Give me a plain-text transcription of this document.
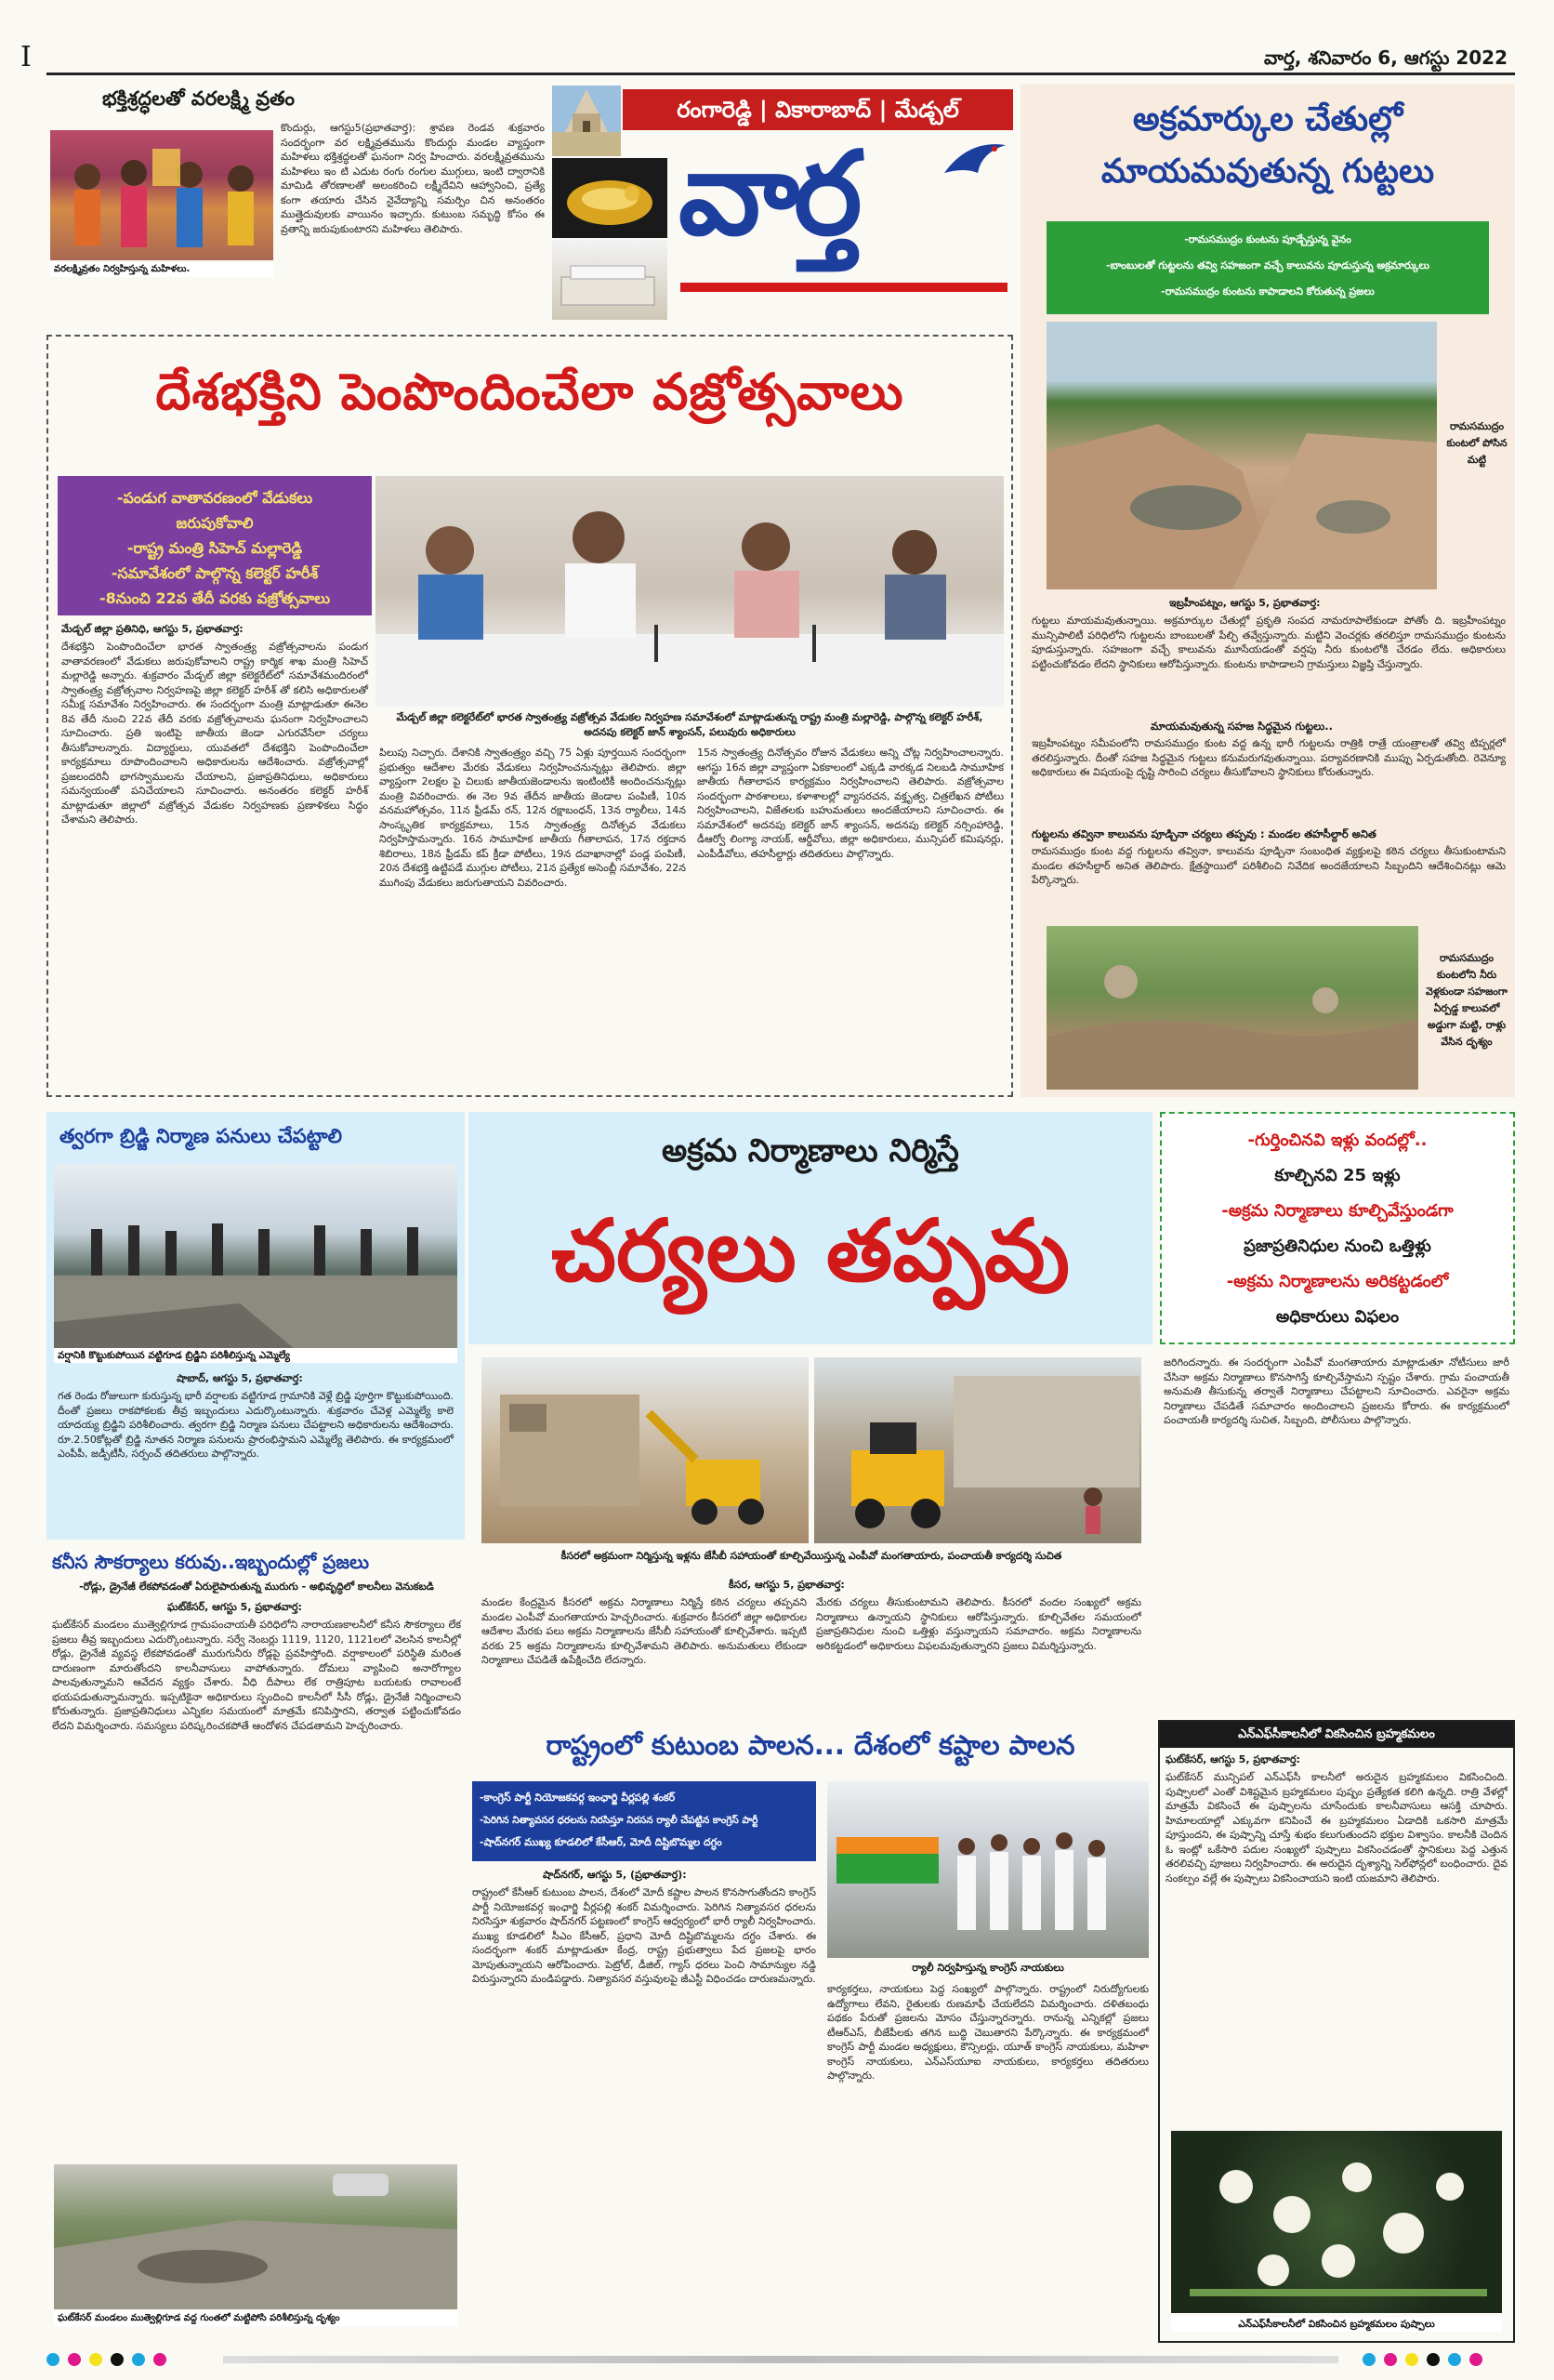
I	వార్త, శనివారం 6, ఆగస్టు 2022
భక్తిశ్రద్ధలతో వరలక్ష్మి వ్రతం
వరలక్ష్మివ్రతం నిర్వహిస్తున్న మహిళలు.
కొందుర్గు, ఆగస్టు5(ప్రభాతవార్త): శ్రావణ రెండవ శుక్రవారం సందర్భంగా వర లక్ష్మివ్రతమును కొందుర్గు మండల వ్యాప్తంగా మహిళలు భక్తిశ్రద్ధలతో ఘనంగా నిర్వ హించారు. వరలక్ష్మీవ్రతమును మహిళలు ఇం టి ఎదుట రంగు రంగుల ముగ్గులు, ఇంటి ద్వారానికి మామిడి తోరణాలతో అలంకరించి లక్ష్మీదేవిని ఆహ్వానించి, ప్రత్యే కంగా తయారు చేసిన నైవేద్యాన్ని సమర్పిం చిన అనంతరం ముత్తైదువులకు వాయినం ఇచ్చారు. కుటుంబ సమృద్ధి కోసం ఈ వ్రతాన్ని జరుపుకుంటారని మహిళలు తెలిపారు.
రంగారెడ్డి | వికారాబాద్ | మేడ్చల్
వార్త
అక్రమార్కుల చేతుల్లో
మాయమవుతున్న గుట్టలు
-రామసముద్రం కుంటను పూడ్చేస్తున్న వైనం
-బాంబులతో గుట్టలను తవ్వి సహజంగా వచ్చే కాలువను పూడుస్తున్న అక్రమార్కులు
-రామసముద్రం కుంటను కాపాడాలని కోరుతున్న ప్రజలు
రామసముద్రం కుంటలో పోసిన మట్టి
ఇబ్రహీంపట్నం, ఆగస్టు 5, ప్రభాతవార్త:
గుట్టలు మాయమవుతున్నాయి. అక్రమార్కుల చేతుల్లో ప్రకృతి సంపద నామరూపాలేకుండా పోతోం ది. ఇబ్రహీంపట్నం మున్సిపాలిటీ పరిధిలోని గుట్టలను బాంబులతో పేల్చి తవ్వేస్తున్నారు. మట్టిని వెంచర్లకు తరలిస్తూ రామసముద్రం కుంటను పూడుస్తున్నారు. సహజంగా వచ్చే కాలువను మూసేయడంతో వర్షపు నీరు కుంటలోకి చేరడం లేదు. అధికారులు పట్టించుకోవడం లేదని స్థానికులు ఆరోపిస్తున్నారు. కుంటను కాపాడాలని గ్రామస్తులు విజ్ఞప్తి చేస్తున్నారు.
మాయమవుతున్న సహజ సిద్ధమైన గుట్టలు..
ఇబ్రహీంపట్నం సమీపంలోని రామసముద్రం కుంట వద్ద ఉన్న భారీ గుట్టలను రాత్రికి రాత్రే యంత్రాలతో తవ్వి టిప్పర్లలో తరలిస్తున్నారు. దీంతో సహజ సిద్ధమైన గుట్టలు కనుమరుగవుతున్నాయి. పర్యావరణానికి ముప్పు ఏర్పడుతోంది. రెవెన్యూ అధికారులు ఈ విషయంపై దృష్టి సారించి చర్యలు తీసుకోవాలని స్థానికులు కోరుతున్నారు.
గుట్టలను తవ్వినా కాలువను పూడ్చినా చర్యలు తప్పవు : మండల తహసీల్దార్ అనిత
రామసముద్రం కుంట వద్ద గుట్టలను తవ్వినా, కాలువను పూడ్చినా సంబంధిత వ్యక్తులపై కఠిన చర్యలు తీసుకుంటామని మండల తహసీల్దార్ అనిత తెలిపారు. క్షేత్రస్థాయిలో పరిశీలించి నివేదిక అందజేయాలని సిబ్బందిని ఆదేశించినట్లు ఆమె పేర్కొన్నారు.
రామసముద్రం కుంటలోని నీరు వెళ్లకుండా సహజంగా ఏర్పడ్డ కాలువలో అడ్డుగా మట్టి, రాళ్లు వేసిన దృశ్యం
దేశభక్తిని పెంపొందించేలా వజ్రోత్సవాలు
-పండుగ వాతావరణంలో వేడుకలు
జరుపుకోవాలి
-రాష్ట్ర మంత్రి సిహెచ్ మల్లారెడ్డి
-సమావేశంలో పాల్గొన్న కలెక్టర్ హరీశ్
-8నుంచి 22వ తేదీ వరకు వజ్రోత్సవాలు
మేడ్చల్ జిల్లా కలెక్టరేట్‌లో భారత స్వాతంత్ర్య వజ్రోత్సవ వేడుకల నిర్వహణ సమావేశంలో మాట్లాడుతున్న రాష్ట్ర మంత్రి మల్లారెడ్డి, పాల్గొన్న కలెక్టర్ హరీశ్, అదనపు కలెక్టర్ జాన్ శ్యాంసన్, పలువురు అధికారులు
మేడ్చల్ జిల్లా ప్రతినిధి, ఆగస్టు 5, ప్రభాతవార్త:
దేశభక్తిని పెంపొందించేలా భారత స్వాతంత్ర్య వజ్రోత్సవాలను పండుగ వాతావరణంలో వేడుకలు జరుపుకోవాలని రాష్ట్ర కార్మిక శాఖ మంత్రి సిహెచ్ మల్లారెడ్డి అన్నారు. శుక్రవారం మేడ్చల్ జిల్లా కలెక్టరేట్‌లో సమావేశమందిరంలో స్వాతంత్ర్య వజ్రోత్సవాల నిర్వహణపై జిల్లా కలెక్టర్ హరీశ్ తో కలిసి అధికారులతో సమీక్ష సమావేశం నిర్వహించారు. ఈ సందర్భంగా మంత్రి మాట్లాడుతూ ఈనెల 8వ తేదీ నుంచి 22వ తేదీ వరకు వజ్రోత్సవాలను ఘనంగా నిర్వహించాలని సూచించారు. ప్రతి ఇంటిపై జాతీయ జెండా ఎగురవేసేలా చర్యలు తీసుకోవాలన్నారు. విద్యార్థులు, యువతలో దేశభక్తిని పెంపొందించేలా కార్యక్రమాలు రూపొందించాలని అధికారులను ఆదేశించారు. వజ్రోత్సవాల్లో ప్రజలందరినీ భాగస్వాములను చేయాలని, ప్రజాప్రతినిధులు, అధికారులు సమన్వయంతో పనిచేయాలని సూచించారు. అనంతరం కలెక్టర్ హరీశ్ మాట్లాడుతూ జిల్లాలో వజ్రోత్సవ వేడుకల నిర్వహణకు ప్రణాళికలు సిద్ధం చేశామని తెలిపారు.
పిలుపు నిచ్చారు. దేశానికి స్వాతంత్ర్యం వచ్చి 75 ఏళ్లు పూర్తయిన సందర్భంగా ప్రభుత్వం ఆదేశాల మేరకు వేడుకలు నిర్వహించనున్నట్లు తెలిపారు. జిల్లా వ్యాప్తంగా 2లక్షల పై చిలుకు జాతీయజెండాలను ఇంటింటికీ అందించనున్నట్లు మంత్రి వివరించారు. ఈ నెల 9వ తేదీన జాతీయ జెండాల పంపిణీ, 10న వనమహోత్సవం, 11న ఫ్రీడమ్ రన్, 12న రక్షాబంధన్, 13న ర్యాలీలు, 14న సాంస్కృతిక కార్యక్రమాలు, 15న స్వాతంత్ర్య దినోత్సవ వేడుకలు నిర్వహిస్తామన్నారు. 16న సామూహిక జాతీయ గీతాలాపన, 17న రక్తదాన శిబిరాలు, 18న ఫ్రీడమ్ కప్ క్రీడా పోటీలు, 19న దవాఖానాల్లో పండ్ల పంపిణీ, 20న దేశభక్తి ఉట్టిపడే ముగ్గుల పోటీలు, 21న ప్రత్యేక అసెంబ్లీ సమావేశం, 22న ముగింపు వేడుకలు జరుగుతాయని వివరించారు.
15న స్వాతంత్ర్య దినోత్సవం రోజున వేడుకలు అన్ని చోట్ల నిర్వహించాలన్నారు. ఆగస్టు 16న జిల్లా వ్యాప్తంగా ఏకకాలంలో ఎక్కడి వారక్కడ నిలబడి సామూహిక జాతీయ గీతాలాపన కార్యక్రమం నిర్వహించాలని తెలిపారు. వజ్రోత్సవాల సందర్భంగా పాఠశాలలు, కళాశాలల్లో వ్యాసరచన, వక్తృత్వ, చిత్రలేఖన పోటీలు నిర్వహించాలని, విజేతలకు బహుమతులు అందజేయాలని సూచించారు. ఈ సమావేశంలో అదనపు కలెక్టర్ జాన్ శ్యాంసన్, అదనపు కలెక్టర్ నర్సింహారెడ్డి, డీఆర్వో లింగ్యా నాయక్, ఆర్డీవోలు, జిల్లా అధికారులు, మున్సిపల్ కమిషనర్లు, ఎంపీడీవోలు, తహసీల్దార్లు తదితరులు పాల్గొన్నారు.
త్వరగా బ్రిడ్జి నిర్మాణ పనులు చేపట్టాలి
వర్షానికి కొట్టుకుపోయిన వట్టిగూడ బ్రిడ్జిని పరిశీలిస్తున్న ఎమ్మెల్యే
షాబాద్, ఆగస్టు 5, ప్రభాతవార్త:
గత రెండు రోజులుగా కురుస్తున్న భారీ వర్షాలకు వట్టిగూడ గ్రామానికి వెళ్లే బ్రిడ్జి పూర్తిగా కొట్టుకుపోయింది. దీంతో ప్రజలు రాకపోకలకు తీవ్ర ఇబ్బందులు ఎదుర్కొంటున్నారు. శుక్రవారం చేవెళ్ల ఎమ్మెల్యే కాలె యాదయ్య బ్రిడ్జిని పరిశీలించారు. త్వరగా బ్రిడ్జి నిర్మాణ పనులు చేపట్టాలని అధికారులను ఆదేశించారు. రూ.2.50కోట్లతో బ్రిడ్జి నూతన నిర్మాణ పనులను ప్రారంభిస్తామని ఎమ్మెల్యే తెలిపారు. ఈ కార్యక్రమంలో ఎంపీపీ, జడ్పీటీసీ, సర్పంచ్ తదితరులు పాల్గొన్నారు.
కనీస సౌకర్యాలు కరువు..ఇబ్బందుల్లో ప్రజలు
-రోడ్లు, డ్రైనేజీ లేకపోవడంతో ఏరులైపారుతున్న మురుగు - అభివృద్ధిలో కాలనీలు వెనుకబడి
ఘట్‌కేసర్, ఆగస్టు 5, ప్రభాతవార్త:
ఘట్‌కేసర్ మండలం ముత్వెల్లిగూడ గ్రామపంచాయతీ పరిధిలోని నారాయణకాలనీలో కనీస సౌకర్యాలు లేక ప్రజలు తీవ్ర ఇబ్బందులు ఎదుర్కొంటున్నారు. సర్వే నెంబర్లు 1119, 1120, 1121లలో వెలసిన కాలనీల్లో రోడ్లు, డ్రైనేజీ వ్యవస్థ లేకపోవడంతో మురుగునీరు రోడ్లపై ప్రవహిస్తోంది. వర్షాకాలంలో పరిస్థితి మరింత దారుణంగా మారుతోందని కాలనీవాసులు వాపోతున్నారు. దోమలు వ్యాపించి అనారోగ్యాల పాలవుతున్నామని ఆవేదన వ్యక్తం చేశారు. వీధి దీపాలు లేక రాత్రిపూట బయటకు రావాలంటే భయపడుతున్నామన్నారు. ఇప్పటికైనా అధికారులు స్పందించి కాలనీలో సీసీ రోడ్లు, డ్రైనేజీ నిర్మించాలని కోరుతున్నారు. ప్రజాప్రతినిధులు ఎన్నికల సమయంలో మాత్రమే కనిపిస్తారని, తర్వాత పట్టించుకోవడం లేదని విమర్శించారు. సమస్యలు పరిష్కరించకపోతే ఆందోళన చేపడతామని హెచ్చరించారు.
ఘట్‌కేసర్ మండలం ముత్వెల్లిగూడ వద్ద గుంతలో మట్టిపోసి పరిశీలిస్తున్న దృశ్యం
అక్రమ నిర్మాణాలు నిర్మిస్తే
చర్యలు తప్పవు
-గుర్తించినవి ఇళ్లు వందల్లో..
కూల్చినవి 25 ఇళ్లు
-అక్రమ నిర్మాణాలు కూల్చివేస్తుండగా
ప్రజాప్రతినిధుల నుంచి ఒత్తిళ్లు
-అక్రమ నిర్మాణాలను అరికట్టడంలో
అధికారులు విఫలం
కీసరలో అక్రమంగా నిర్మిస్తున్న ఇళ్లను జేసీబీ సహాయంతో కూల్చివేయిస్తున్న ఎంపీవో మంగతాయారు, పంచాయతీ కార్యదర్శి సుచిత
కీసర, ఆగస్టు 5, ప్రభాతవార్త:
మండల కేంద్రమైన కీసరలో అక్రమ నిర్మాణాలు నిర్మిస్తే కఠిన చర్యలు తప్పవని మండల ఎంపీవో మంగతాయారు హెచ్చరించారు. శుక్రవారం కీసరలో జిల్లా అధికారుల ఆదేశాల మేరకు పలు అక్రమ నిర్మాణాలను జేసీబీ సహాయంతో కూల్చివేశారు. ఇప్పటి వరకు 25 అక్రమ నిర్మాణాలను కూల్చివేశామని తెలిపారు. అనుమతులు లేకుండా నిర్మాణాలు చేపడితే ఉపేక్షించేది లేదన్నారు.
మేరకు చర్యలు తీసుకుంటామని తెలిపారు. కీసరలో వందల సంఖ్యలో అక్రమ నిర్మాణాలు ఉన్నాయని స్థానికులు ఆరోపిస్తున్నారు. కూల్చివేతల సమయంలో ప్రజాప్రతినిధుల నుంచి ఒత్తిళ్లు వస్తున్నాయని సమాచారం. అక్రమ నిర్మాణాలను అరికట్టడంలో అధికారులు విఫలమవుతున్నారని ప్రజలు విమర్శిస్తున్నారు.
జరిగిందన్నారు. ఈ సందర్భంగా ఎంపీవో మంగతాయారు మాట్లాడుతూ నోటీసులు జారీ చేసినా అక్రమ నిర్మాణాలు కొనసాగిస్తే కూల్చివేస్తామని స్పష్టం చేశారు. గ్రామ పంచాయతీ అనుమతి తీసుకున్న తర్వాతే నిర్మాణాలు చేపట్టాలని సూచించారు. ఎవరైనా అక్రమ నిర్మాణాలు చేపడితే సమాచారం అందించాలని ప్రజలను కోరారు. ఈ కార్యక్రమంలో పంచాయతీ కార్యదర్శి సుచిత, సిబ్బంది, పోలీసులు పాల్గొన్నారు.
రాష్ట్రంలో కుటుంబ పాలన... దేశంలో కష్టాల పాలన
-కాంగ్రెస్ పార్టీ నియోజకవర్గ ఇంఛార్జి వీర్లపల్లి శంకర్
-పెరిగిన నిత్యావసర ధరలను నిరసిస్తూ నిరసన ర్యాలీ చేపట్టిన కాంగ్రెస్ పార్టీ
-షాద్‌నగర్ ముఖ్య కూడలిలో కేసీఆర్, మోదీ దిష్టిబొమ్మల దగ్ధం
షాద్‌నగర్, ఆగస్టు 5, (ప్రభాతవార్త):
రాష్ట్రంలో కేసీఆర్ కుటుంబ పాలన, దేశంలో మోదీ కష్టాల పాలన కొనసాగుతోందని కాంగ్రెస్ పార్టీ నియోజకవర్గ ఇంఛార్జి వీర్లపల్లి శంకర్ విమర్శించారు. పెరిగిన నిత్యావసర ధరలను నిరసిస్తూ శుక్రవారం షాద్‌నగర్ పట్టణంలో కాంగ్రెస్ ఆధ్వర్యంలో భారీ ర్యాలీ నిర్వహించారు. ముఖ్య కూడలిలో సీఎం కేసీఆర్, ప్రధాని మోదీ దిష్టిబొమ్మలను దగ్ధం చేశారు. ఈ సందర్భంగా శంకర్ మాట్లాడుతూ కేంద్ర, రాష్ట్ర ప్రభుత్వాలు పేద ప్రజలపై భారం మోపుతున్నాయని ఆరోపించారు. పెట్రోల్, డీజిల్, గ్యాస్ ధరలు పెంచి సామాన్యుల నడ్డి విరుస్తున్నారని మండిపడ్డారు. నిత్యావసర వస్తువులపై జీఎస్టీ విధించడం దారుణమన్నారు.
ర్యాలీ నిర్వహిస్తున్న కాంగ్రెస్ నాయకులు
కార్యకర్తలు, నాయకులు పెద్ద సంఖ్యలో పాల్గొన్నారు. రాష్ట్రంలో నిరుద్యోగులకు ఉద్యోగాలు లేవని, రైతులకు రుణమాఫీ చేయలేదని విమర్శించారు. దళితబంధు పథకం పేరుతో ప్రజలను మోసం చేస్తున్నారన్నారు. రానున్న ఎన్నికల్లో ప్రజలు టీఆర్ఎస్, బీజేపీలకు తగిన బుద్ధి చెబుతారని పేర్కొన్నారు. ఈ కార్యక్రమంలో కాంగ్రెస్ పార్టీ మండల అధ్యక్షులు, కౌన్సిలర్లు, యూత్ కాంగ్రెస్ నాయకులు, మహిళా కాంగ్రెస్ నాయకులు, ఎన్ఎస్‌యూఐ నాయకులు, కార్యకర్తలు తదితరులు పాల్గొన్నారు.
ఎన్ఎఫ్‌సీకాలనీలో వికసించిన బ్రహ్మకమలం
ఘట్‌కేసర్, ఆగస్టు 5, ప్రభాతవార్త:
ఘట్‌కేసర్ మున్సిపల్ ఎన్ఎఫ్‌సీ కాలనీలో అరుదైన బ్రహ్మకమలం వికసించింది. పుష్పాలలో ఎంతో విశిష్టమైన బ్రహ్మకమలం పుష్పం ప్రత్యేకత కలిగి ఉన్నది. రాత్రి వేళల్లో మాత్రమే వికసించే ఈ పుష్పాలను చూసేందుకు కాలనీవాసులు ఆసక్తి చూపారు. హిమాలయాల్లో ఎక్కువగా కనిపించే ఈ బ్రహ్మకమలం ఏడాదికి ఒకసారి మాత్రమే పూస్తుందని, ఈ పుష్పాన్ని చూస్తే శుభం కలుగుతుందని భక్తుల విశ్వాసం. కాలనీకి చెందిన ఓ ఇంట్లో ఒకేసారి పదుల సంఖ్యలో పుష్పాలు వికసించడంతో స్థానికులు పెద్ద ఎత్తున తరలివచ్చి పూజలు నిర్వహించారు. ఈ అరుదైన దృశ్యాన్ని సెల్‌ఫోన్లలో బంధించారు. దైవ సంకల్పం వల్లే ఈ పుష్పాలు వికసించాయని ఇంటి యజమాని తెలిపారు.
ఎన్ఎఫ్‌సీకాలనీలో వికసించిన బ్రహ్మకమలం పుష్పాలు
